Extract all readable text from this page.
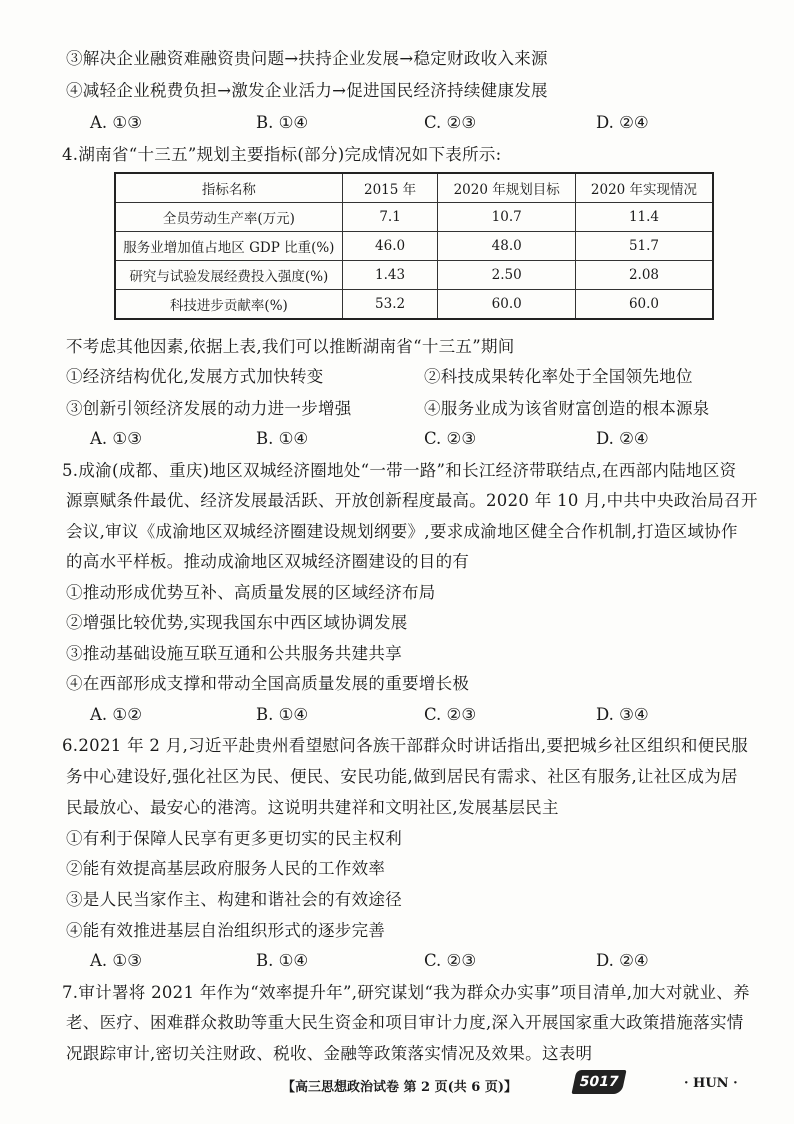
③解决企业融资难融资贵问题→扶持企业发展→稳定财政收入来源
④减轻企业税费负担→激发企业活力→促进国民经济持续健康发展
A. ①③	B. ①④	C. ②③	D. ②④
4.湖南省“十三五”规划主要指标(部分)完成情况如下表所示:
指标名称	2015 年	2020 年规划目标	2020 年实现情况
全员劳动生产率(万元)	7.1	10.7	11.4
服务业增加值占地区 GDP 比重(%)	46.0	48.0	51.7
研究与试验发展经费投入强度(%)	1.43	2.50	2.08
科技进步贡献率(%)	53.2	60.0	60.0
不考虑其他因素,依据上表,我们可以推断湖南省“十三五”期间
①经济结构优化,发展方式加快转变	②科技成果转化率处于全国领先地位
③创新引领经济发展的动力进一步增强	④服务业成为该省财富创造的根本源泉
A. ①③	B. ①④	C. ②③	D. ②④
5.成渝(成都、重庆)地区双城经济圈地处“一带一路”和长江经济带联结点,在西部内陆地区资
源禀赋条件最优、经济发展最活跃、开放创新程度最高。2020 年 10 月,中共中央政治局召开
会议,审议《成渝地区双城经济圈建设规划纲要》,要求成渝地区健全合作机制,打造区域协作
的高水平样板。推动成渝地区双城经济圈建设的目的有
①推动形成优势互补、高质量发展的区域经济布局
②增强比较优势,实现我国东中西区域协调发展
③推动基础设施互联互通和公共服务共建共享
④在西部形成支撑和带动全国高质量发展的重要增长极
A. ①②	B. ①④	C. ②③	D. ③④
6.2021 年 2 月,习近平赴贵州看望慰问各族干部群众时讲话指出,要把城乡社区组织和便民服
务中心建设好,强化社区为民、便民、安民功能,做到居民有需求、社区有服务,让社区成为居
民最放心、最安心的港湾。这说明共建祥和文明社区,发展基层民主
①有利于保障人民享有更多更切实的民主权利
②能有效提高基层政府服务人民的工作效率
③是人民当家作主、构建和谐社会的有效途径
④能有效推进基层自治组织形式的逐步完善
A. ①③	B. ①④	C. ②③	D. ②④
7.审计署将 2021 年作为“效率提升年”,研究谋划“我为群众办实事”项目清单,加大对就业、养
老、医疗、困难群众救助等重大民生资金和项目审计力度,深入开展国家重大政策措施落实情
况跟踪审计,密切关注财政、税收、金融等政策落实情况及效果。这表明
【高三思想政治试卷 第 2 页(共 6 页)】	5017	· HUN ·
